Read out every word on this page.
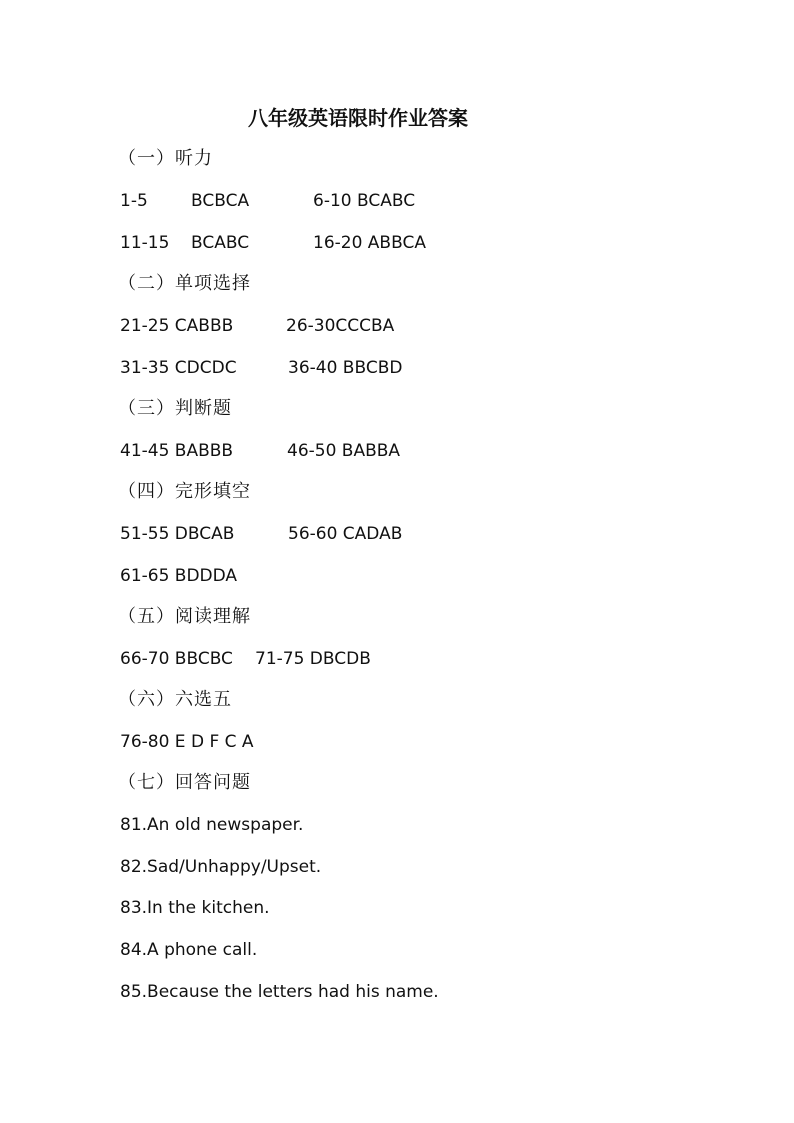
八年级英语限时作业答案
（一）听力
1-5	BCBCA	6-10 BCABC
11-15 BCABC	16-20 ABBCA
（二）单项选择
21-25 CABBB	26-30CCCBA
31-35 CDCDC	36-40 BBCBD
（三）判断题
41-45 BABBB	46-50 BABBA
（四）完形填空
51-55 DBCAB	56-60 CADAB
61-65 BDDDA
（五）阅读理解
66-70 BBCBC 71-75 DBCDB
（六）六选五
76-80 E D F C A
（七）回答问题
81.An old newspaper.
82.Sad/Unhappy/Upset.
83.In the kitchen.
84.A phone call.
85.Because the letters had his name.
